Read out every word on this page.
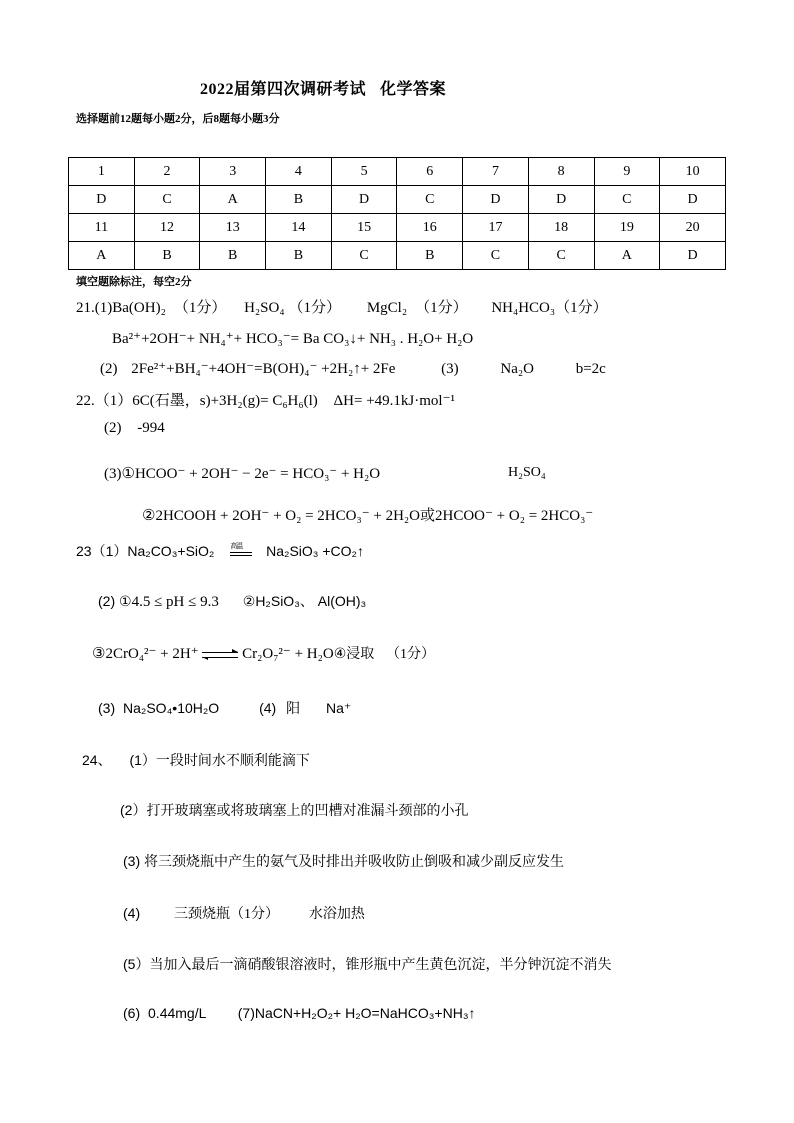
2022届第四次调研考试 化学答案
选择题前12题每小题2分，后8题每小题3分
1	2	3	4	5	6	7	8	9	10
D	C	A	B	D	C	D	D	C	D
11	12	13	14	15	16	17	18	19	20
A	B	B	B	C	B	C	C	A	D
填空题除标注，每空2分
21.(1)Ba(OH)₂ （1分） H₂SO₄ （1分） MgCl₂ （1分） NH₄HCO₃（1分）
Ba²⁺+2OH⁻+ NH₄⁺+ HCO₃⁻= Ba CO₃↓+ NH₃ . H₂O+ H₂O
(2) 2Fe²⁺+BH₄⁻+4OH⁻=B(OH)₄⁻ +2H₂↑+ 2Fe	(3)	Na₂O	b=2c
22.（1）6C(石墨，s)+3H₂(g)= C₆H₆(l) ΔH= +49.1kJ·mol⁻¹
(2) -994
(3)①HCOO⁻ + 2OH⁻ − 2e⁻ = HCO₃⁻ + H₂O	H₂SO₄
②2HCOOH + 2OH⁻ + O₂ = 2HCO₃⁻ + 2H₂O或2HCOO⁻ + O₂ = 2HCO₃⁻
23（1）Na₂CO₃+SiO₂ 高温 Na₂SiO₃ +CO₂↑
(2) ①4.5 ≤ pH ≤ 9.3 ②H₂SiO₃、 Al(OH)₃
③2CrO₄²⁻ + 2H⁺ ⇌ Cr₂O₇²⁻ + H₂O④浸取 （1分）
(3) Na₂SO₄•10H₂O	(4) 阳 Na⁺
24、 (1）一段时间水不顺利能滴下
(2）打开玻璃塞或将玻璃塞上的凹槽对准漏斗颈部的小孔
(3) 将三颈烧瓶中产生的氨气及时排出并吸收防止倒吸和减少副反应发生
(4) 三颈烧瓶（1分） 水浴加热
(5）当加入最后一滴硝酸银溶液时，锥形瓶中产生黄色沉淀，半分钟沉淀不消失
(6) 0.44mg/L (7)NaCN+H₂O₂+ H₂O=NaHCO₃+NH₃↑
